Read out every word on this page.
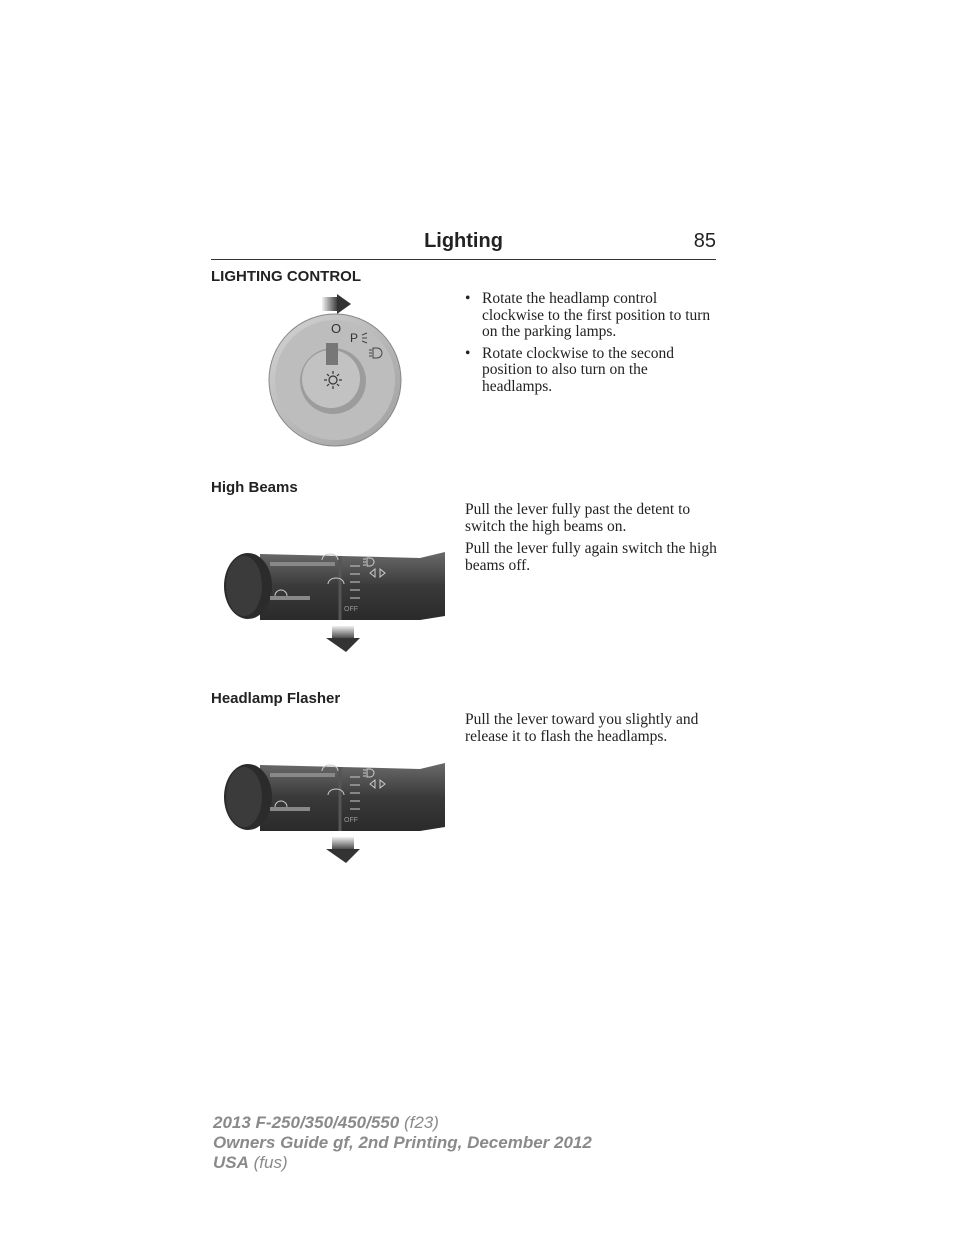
Lighting	85
LIGHTING CONTROL
O
P
• Rotate the headlamp control clockwise to the first position to turn on the parking lamps.
• Rotate clockwise to the second position to also turn on the headlamps.
High Beams
OFF

Pull the lever fully past the detent to switch the high beams on.

Pull the lever fully again switch the high beams off.

Headlamp Flasher
OFF

Pull the lever toward you slightly and release it to flash the headlamps.

2013 F-250/350/450/550 (f23)
Owners Guide gf, 2nd Printing, December 2012
USA (fus)
